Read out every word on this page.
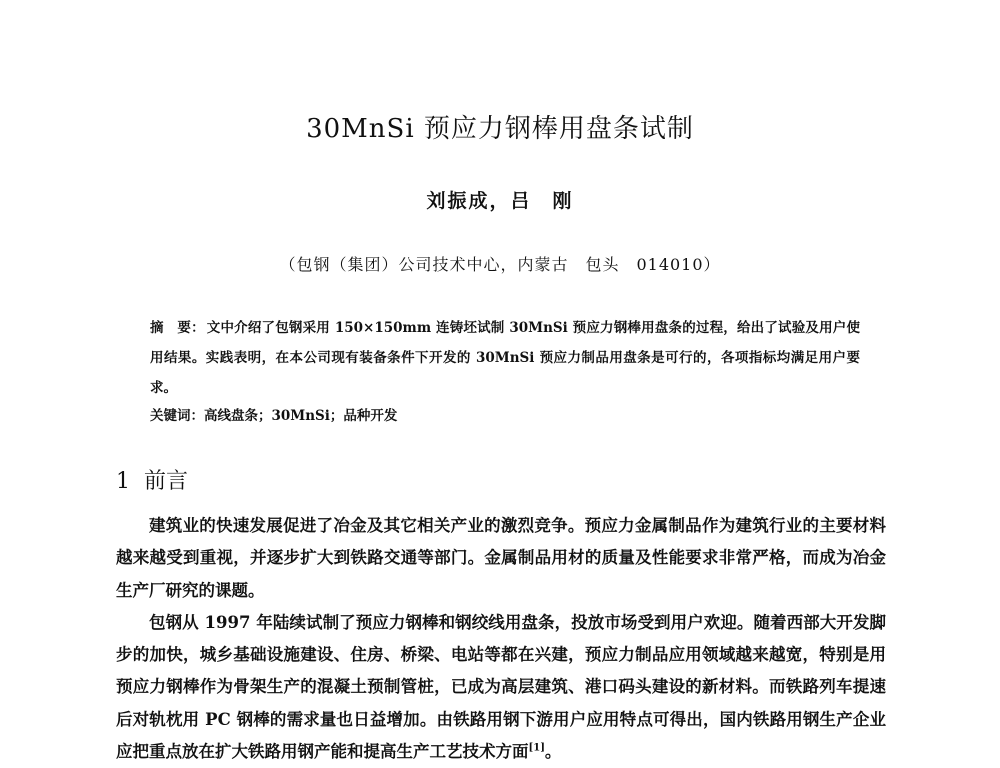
30MnSi 预应力钢棒用盘条试制
刘振成，吕　刚
（包钢（集团）公司技术中心，内蒙古　包头　014010）
摘　要： 文中介绍了包钢采用 150×150mm 连铸坯试制 30MnSi 预应力钢棒用盘条的过程，给出了试验及用户使用结果。实践表明，在本公司现有装备条件下开发的 30MnSi 预应力制品用盘条是可行的，各项指标均满足用户要求。
关键词：高线盘条；30MnSi；品种开发
1 前言

建筑业的快速发展促进了冶金及其它相关产业的激烈竞争。预应力金属制品作为建筑行业的主要材料越来越受到重视，并逐步扩大到铁路交通等部门。金属制品用材的质量及性能要求非常严格，而成为冶金生产厂研究的课题。

包钢从 1997 年陆续试制了预应力钢棒和钢绞线用盘条，投放市场受到用户欢迎。随着西部大开发脚步的加快，城乡基础设施建设、住房、桥梁、电站等都在兴建，预应力制品应用领域越来越宽，特别是用预应力钢棒作为骨架生产的混凝土预制管桩，已成为高层建筑、港口码头建设的新材料。而铁路列车提速后对轨枕用 PC 钢棒的需求量也日益增加。由铁路用钢下游用户应用特点可得出，国内铁路用钢生产企业应把重点放在扩大铁路用钢产能和提高生产工艺技术方面[1]。
